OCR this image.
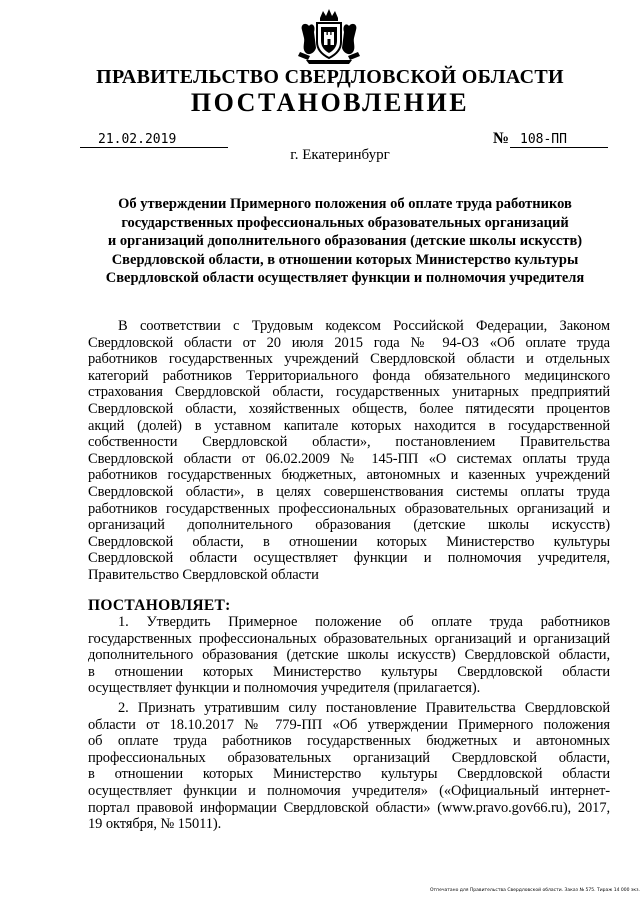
ПРАВИТЕЛЬСТВО СВЕРДЛОВСКОЙ ОБЛАСТИ
ПОСТАНОВЛЕНИЕ
21.02.2019	№ 108-ПП
г. Екатеринбург
Об утверждении Примерного положения об оплате труда работников
государственных профессиональных образовательных организаций
и организаций дополнительного образования (детские школы искусств)
Свердловской области, в отношении которых Министерство культуры
Свердловской области осуществляет функции и полномочия учредителя
В соответствии с Трудовым кодексом Российской Федерации, Законом
Свердловской области от 20 июля 2015 года № 94-ОЗ «Об оплате труда
работников государственных учреждений Свердловской области и отдельных
категорий работников Территориального фонда обязательного медицинского
страхования Свердловской области, государственных унитарных предприятий
Свердловской области, хозяйственных обществ, более пятидесяти процентов
акций (долей) в уставном капитале которых находится в государственной
собственности Свердловской области», постановлением Правительства
Свердловской области от 06.02.2009 № 145-ПП «О системах оплаты труда
работников государственных бюджетных, автономных и казенных учреждений
Свердловской области», в целях совершенствования системы оплаты труда
работников государственных профессиональных образовательных организаций и
организаций дополнительного образования (детские школы искусств)
Свердловской области, в отношении которых Министерство культуры
Свердловской области осуществляет функции и полномочия учредителя,
Правительство Свердловской области
ПОСТАНОВЛЯЕТ:
1. Утвердить Примерное положение об оплате труда работников
государственных профессиональных образовательных организаций и организаций
дополнительного образования (детские школы искусств) Свердловской области,
в отношении которых Министерство культуры Свердловской области
осуществляет функции и полномочия учредителя (прилагается).
2. Признать утратившим силу постановление Правительства Свердловской
области от 18.10.2017 № 779-ПП «Об утверждении Примерного положения
об оплате труда работников государственных бюджетных и автономных
профессиональных образовательных организаций Свердловской области,
в отношении которых Министерство культуры Свердловской области
осуществляет функции и полномочия учредителя» («Официальный интернет-
портал правовой информации Свердловской области» (www.pravo.gov66.ru), 2017,
19 октября, № 15011).
Отпечатано для Правительства Свердловской области. Заказ № 575. Тираж 14 000 экз.
